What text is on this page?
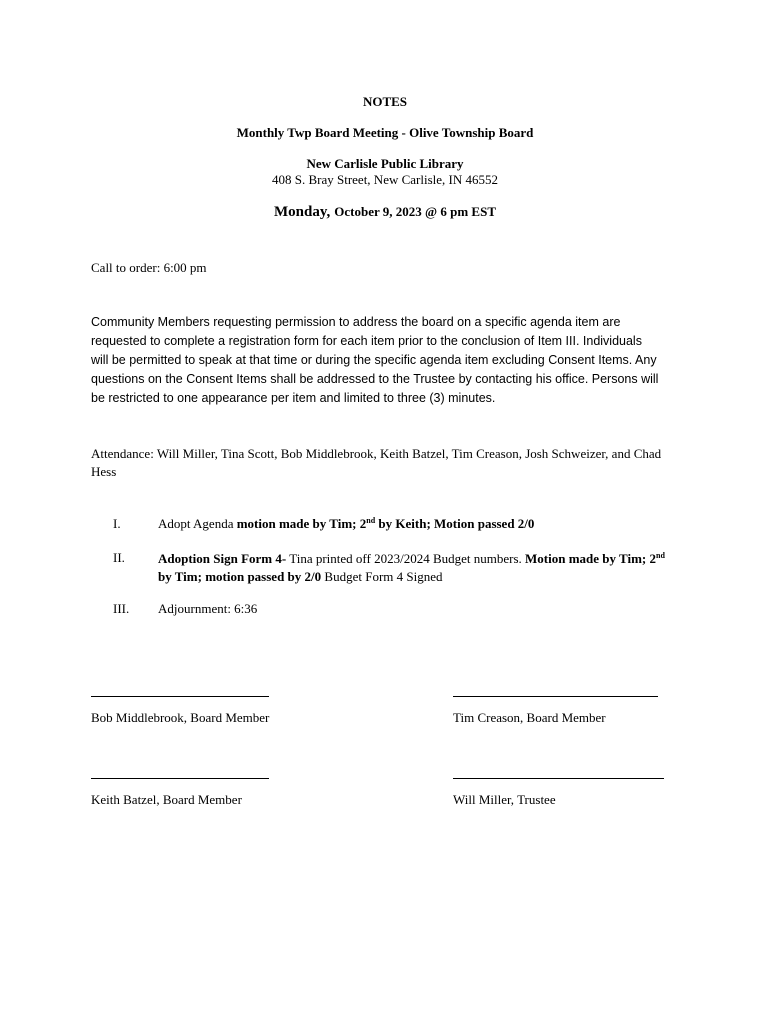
NOTES
Monthly Twp Board Meeting - Olive Township Board
New Carlisle Public Library
408 S. Bray Street, New Carlisle, IN 46552
Monday, October 9, 2023 @ 6 pm EST
Call to order: 6:00 pm
Community Members requesting permission to address the board on a specific agenda item are
requested to complete a registration form for each item prior to the conclusion of Item III. Individuals
will be permitted to speak at that time or during the specific agenda item excluding Consent Items. Any
questions on the Consent Items shall be addressed to the Trustee by contacting his office. Persons will
be restricted to one appearance per item and limited to three (3) minutes.
Attendance: Will Miller, Tina Scott, Bob Middlebrook, Keith Batzel, Tim Creason, Josh Schweizer, and Chad
Hess
I.	Adopt Agenda motion made by Tim; 2nd by Keith; Motion passed 2/0
II.	Adoption Sign Form 4- Tina printed off 2023/2024 Budget numbers. Motion made by Tim; 2nd
by Tim; motion passed by 2/0 Budget Form 4 Signed
III. Adjournment: 6:36
Bob Middlebrook, Board Member	Tim Creason, Board Member
Keith Batzel, Board Member	Will Miller, Trustee
